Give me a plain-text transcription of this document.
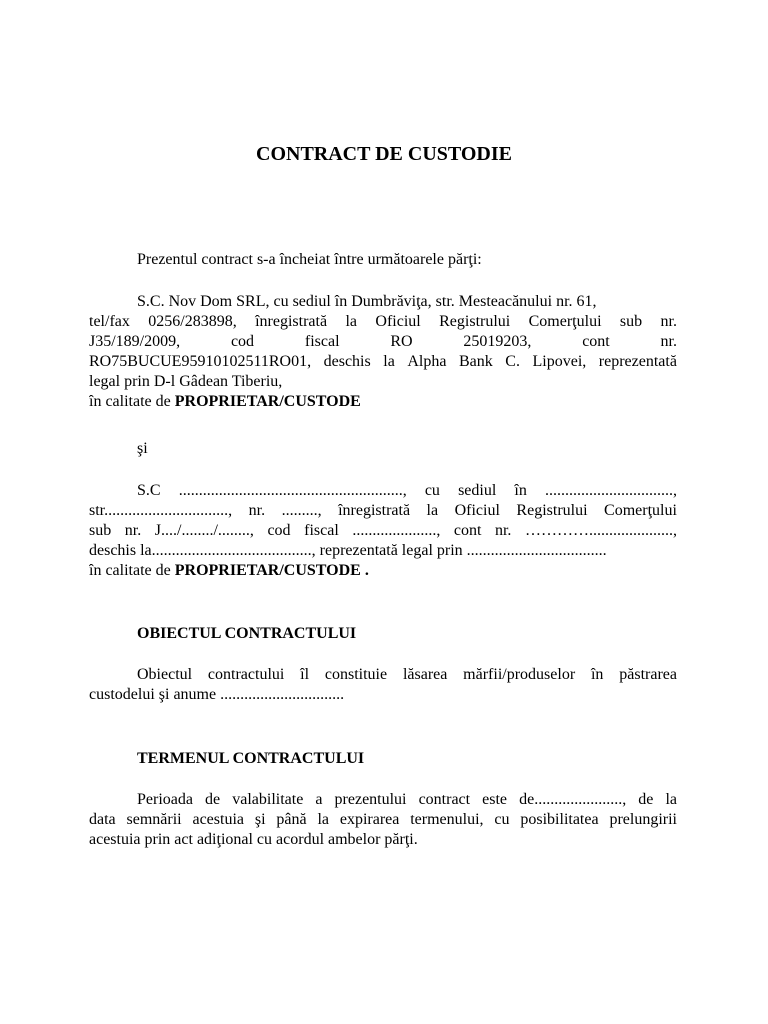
CONTRACT DE CUSTODIE
Prezentul contract s-a încheiat între următoarele părţi:
S.C. Nov Dom SRL, cu sediul în Dumbrăviţa, str. Mesteacănului nr. 61,
tel/fax 0256/283898, înregistrată la Oficiul Registrului Comerţului sub nr.
J35/189/2009,	cod	fiscal	RO	25019203,	cont	nr.
RO75BUCUE95910102511RO01, deschis la Alpha Bank C. Lipovei, reprezentată
legal prin D-l Gâdean Tiberiu,
în calitate de PROPRIETAR/CUSTODE
şi
S.C ........................................................, cu sediul în ................................,
str..............................., nr. ........., înregistrată la Oficiul Registrului Comerţului
sub nr. J..../......../........, cod fiscal ....................., cont nr. ………….....................,
deschis la........................................, reprezentată legal prin ...................................
în calitate de PROPRIETAR/CUSTODE .
OBIECTUL CONTRACTULUI
Obiectul contractului îl constituie lăsarea mărfii/produselor în păstrarea
custodelui şi anume ...............................
TERMENUL CONTRACTULUI
Perioada de valabilitate a prezentului contract este de......................, de la
data semnării acestuia şi până la expirarea termenului, cu posibilitatea prelungirii
acestuia prin act adiţional cu acordul ambelor părţi.
